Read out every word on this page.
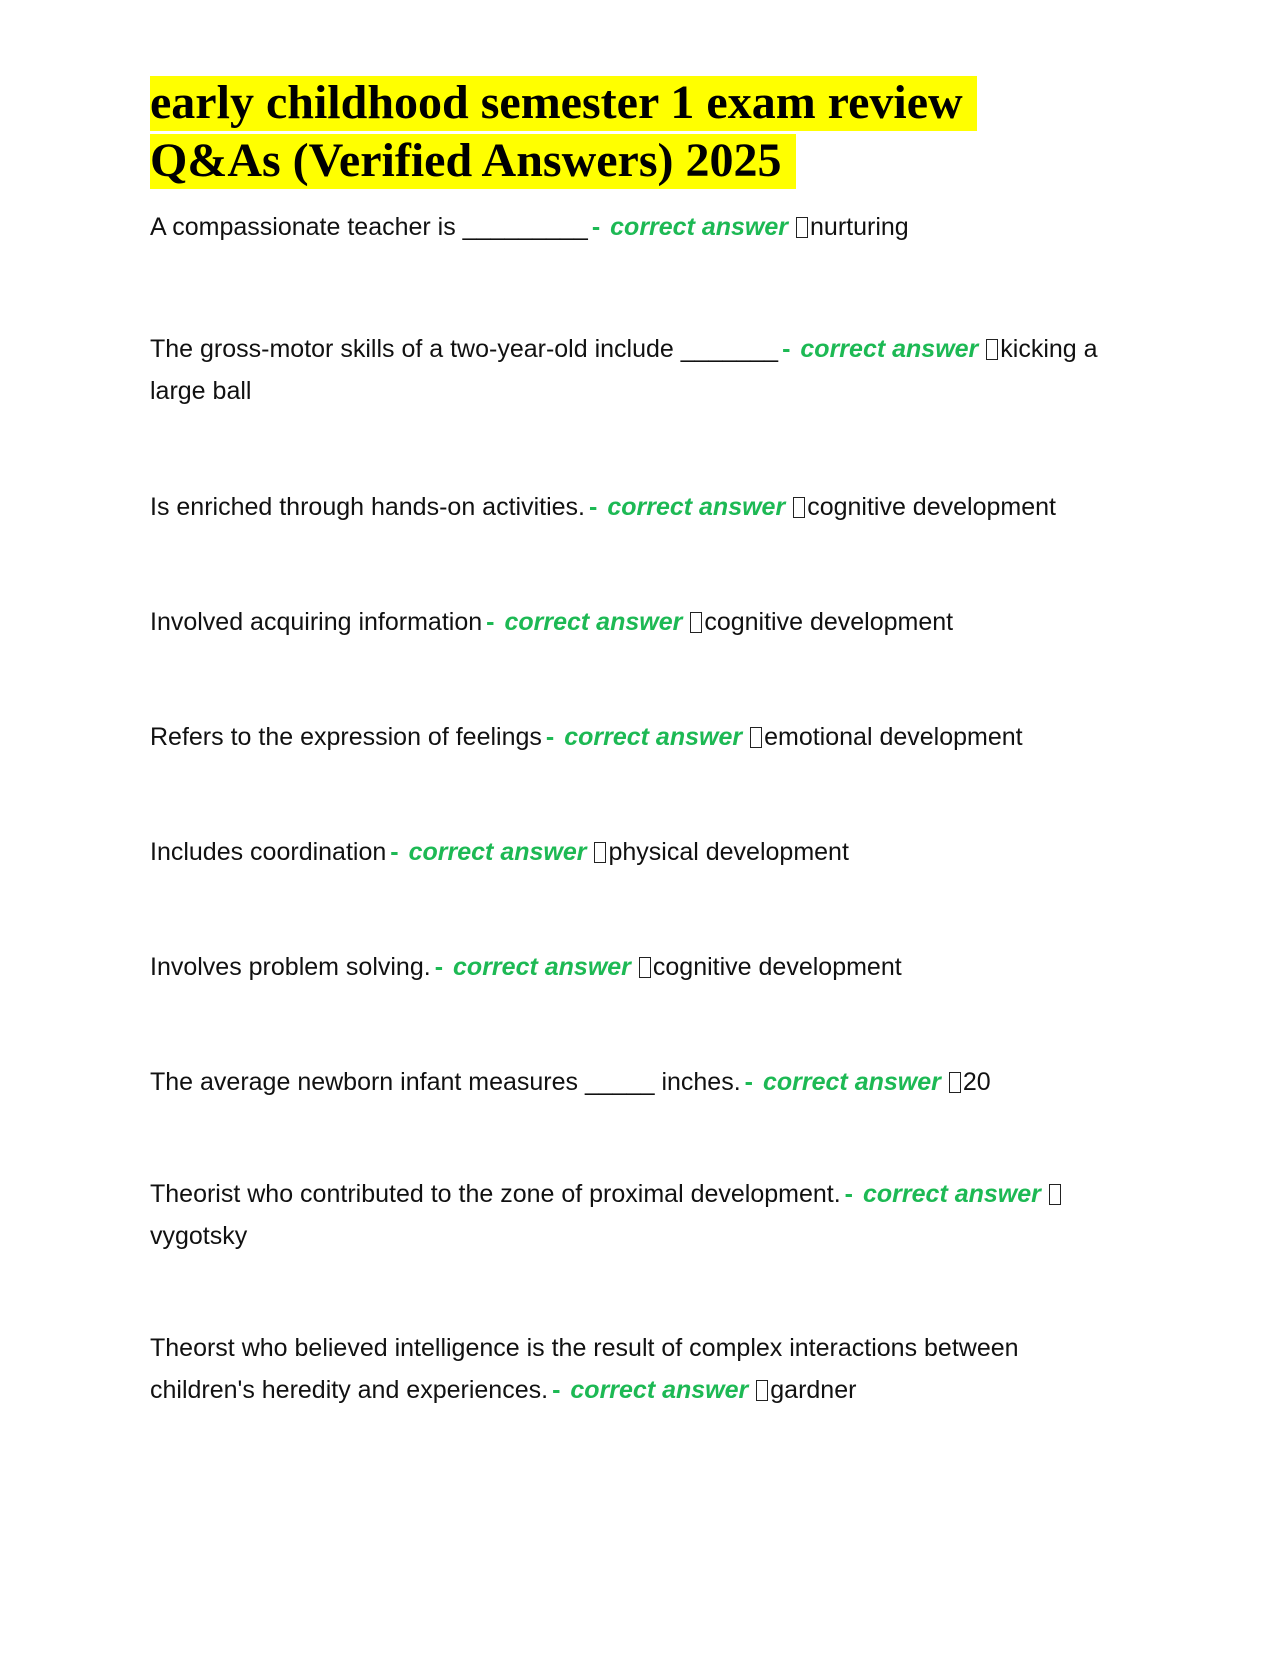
early childhood semester 1 exam review Q&As (Verified Answers) 2025

A compassionate teacher is _________ - correct answer nurturing

The gross-motor skills of a two-year-old include _______ - correct answer kicking a large ball

Is enriched through hands-on activities. - correct answer cognitive development

Involved acquiring information - correct answer cognitive development

Refers to the expression of feelings - correct answer emotional development

Includes coordination - correct answer physical development

Involves problem solving. - correct answer cognitive development

The average newborn infant measures _____ inches. - correct answer 20

Theorist who contributed to the zone of proximal development. - correct answervygotsky

Theorst who believed intelligence is the result of complex interactions between children's heredity and experiences. - correct answer gardner
